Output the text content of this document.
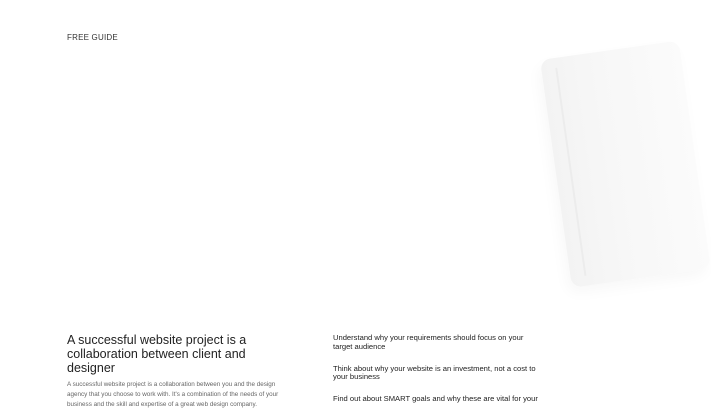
FREE GUIDE
A successful website project is a collaboration between client and designer

A successful website project is a collaboration between you and the design agency that you choose to work with. It's a combination of the needs of your business and the skill and expertise of a great web design company.

Understand why your requirements should focus on your target audience
Think about why your website is an investment, not a cost to your business
Find out about SMART goals and why these are vital for your
